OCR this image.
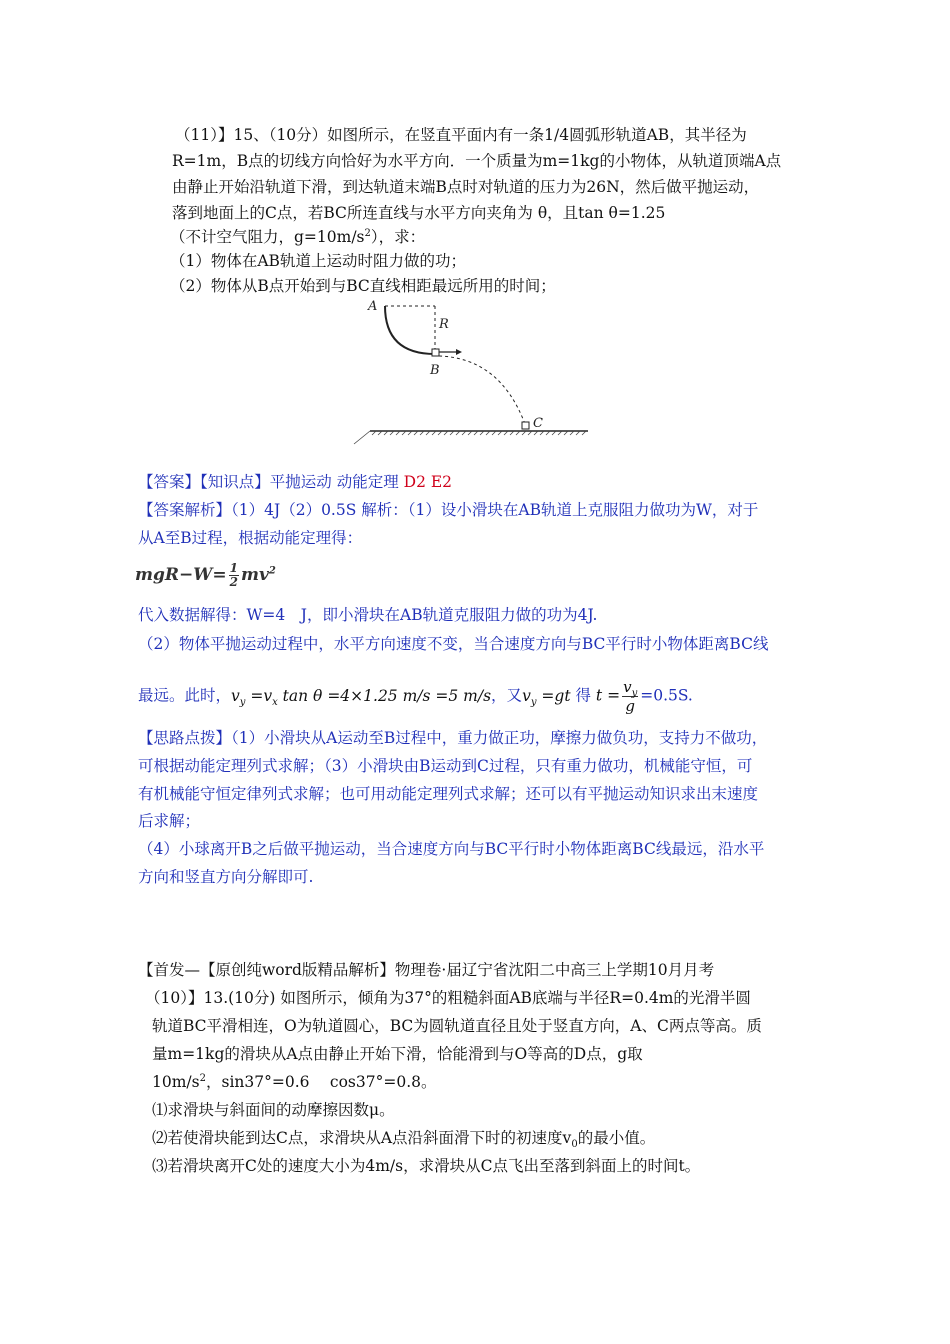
（11）】15、（10分）如图所示，在竖直平面内有一条1/4圆弧形轨道AB，其半径为
R=1m，B点的切线方向恰好为水平方向．一个质量为m=1kg的小物体，从轨道顶端A点
由静止开始沿轨道下滑，到达轨道末端B点时对轨道的压力为26N，然后做平抛运动，
落到地面上的C点，若BC所连直线与水平方向夹角为 θ，且tan θ=1.25
（不计空气阻力，$g=10m/s^2$），求：
（1）物体在AB轨道上运动时阻力做的功；
（2）物体从B点开始到与BC直线相距最远所用的时间；
A
R
B
C
【答案】【知识点】平抛运动 动能定理 D2 E2
【答案解析】（1）4J（2）0.5S 解析：（1）设小滑块在AB轨道上克服阻力做功为W，对于
从A至B过程，根据动能定理得：
$mgR-W= \frac{1}{2} mv^2$
代入数据解得：W=4　J，即小滑块在AB轨道克服阻力做的功为4J.
（2）物体平抛运动过程中，水平方向速度不变，当合速度方向与BC平行时小物体距离BC线
最远。此时，$v_y =v_x$ tan θ =4×1.25 m/s =5 m/s，又$v_y =gt$ 得 $t = \frac{v_y}{g} =0.5S$.
【思路点拨】（1）小滑块从A运动至B过程中，重力做正功，摩擦力做负功，支持力不做功，
可根据动能定理列式求解；（3）小滑块由B运动到C过程，只有重力做功，机械能守恒，可
有机械能守恒定律列式求解；也可用动能定理列式求解；还可以有平抛运动知识求出末速度
后求解；
（4）小球离开B之后做平抛运动，当合速度方向与BC平行时小物体距离BC线最远，沿水平
方向和竖直方向分解即可.
【首发—【原创纯word版精品解析】物理卷·届辽宁省沈阳二中高三上学期10月月考
（10）】13.(10分) 如图所示，倾角为37°的粗糙斜面AB底端与半径R=0.4m的光滑半圆
轨道BC平滑相连，O为轨道圆心，BC为圆轨道直径且处于竖直方向，A、C两点等高。质
量m=1kg的滑块从A点由静止开始下滑，恰能滑到与O等高的D点，g取
$10m/s^2$，sin37°=0.6　 cos37°=0.8。
⑴求滑块与斜面间的动摩擦因数μ。
⑵若使滑块能到达C点，求滑块从A点沿斜面滑下时的初速度$v_0$的最小值。
⑶若滑块离开C处的速度大小为4m/s，求滑块从C点飞出至落到斜面上的时间t。
